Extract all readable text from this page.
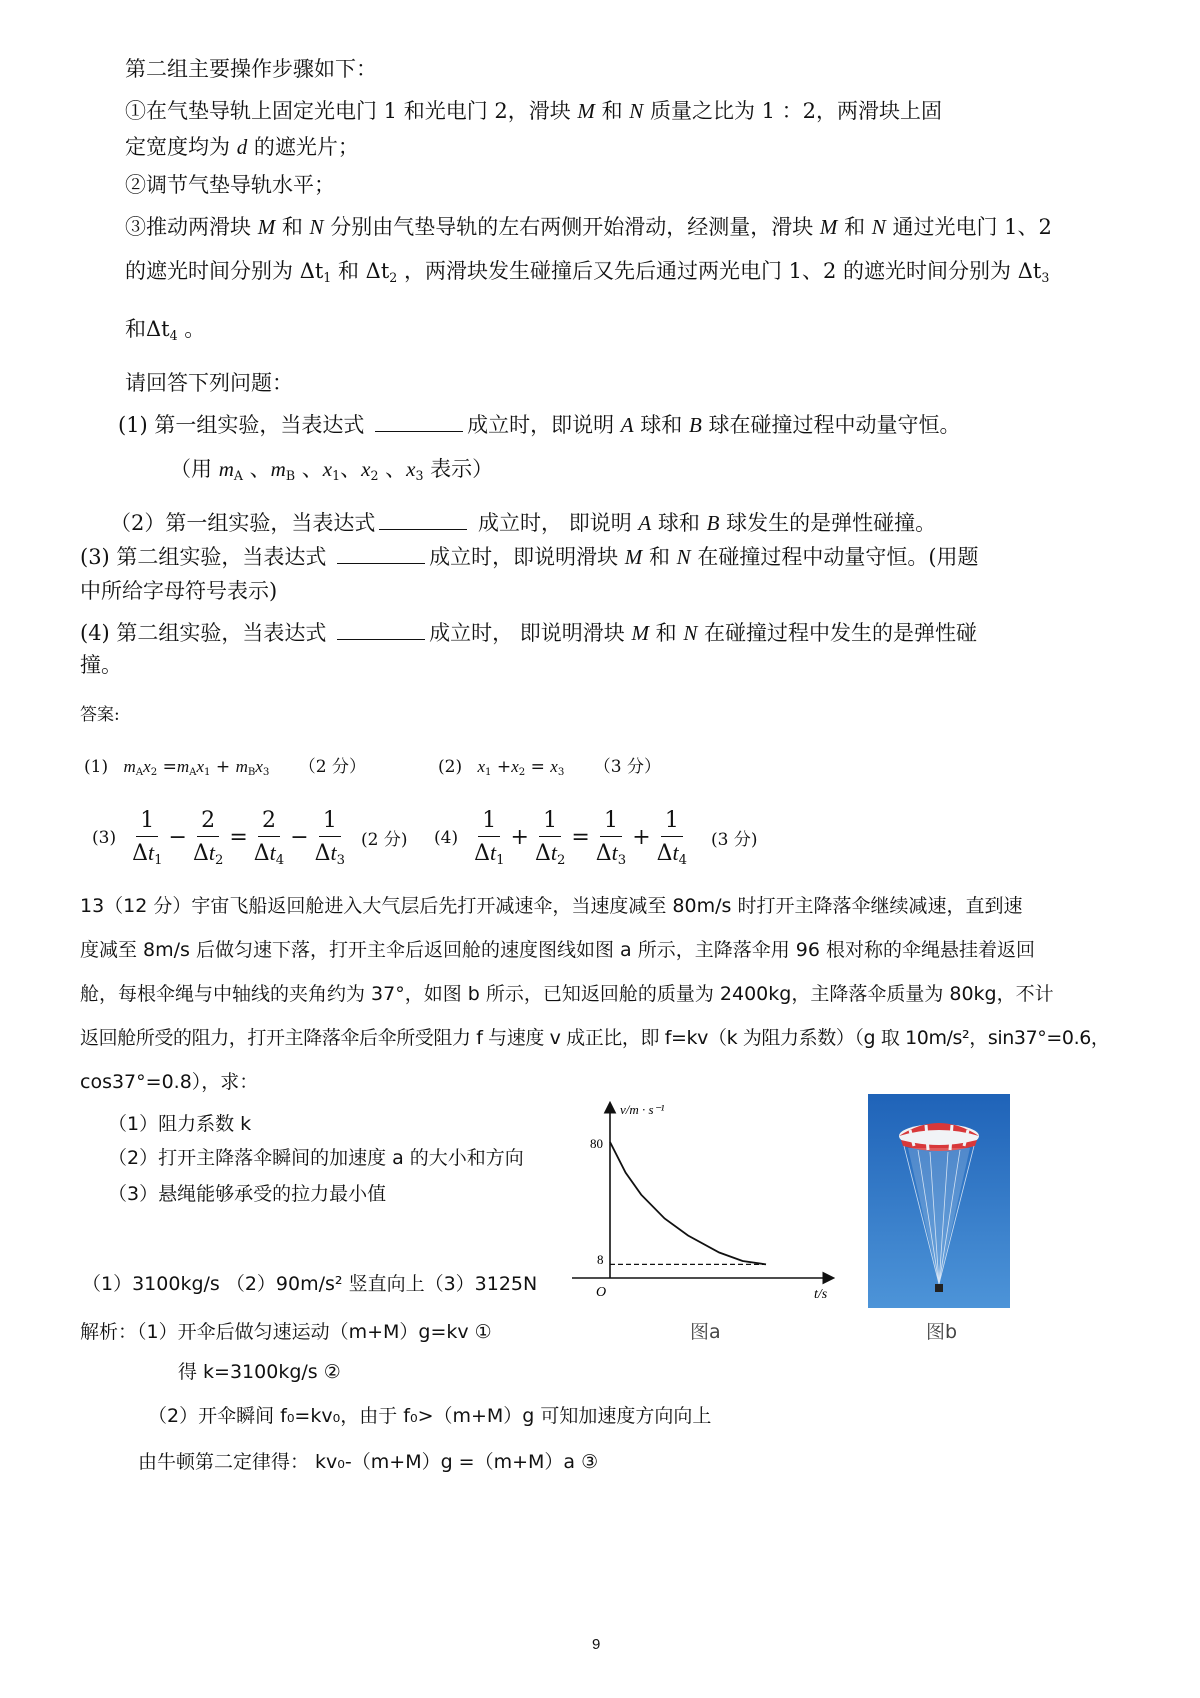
第二组主要操作步骤如下：
①在气垫导轨上固定光电门 1 和光电门 2，滑块 M 和 N 质量之比为 1 ：2，两滑块上固
定宽度均为 d 的遮光片；
②调节气垫导轨水平；
③推动两滑块 M 和 N 分别由气垫导轨的左右两侧开始滑动，经测量，滑块 M 和 N 通过光电门 1、2
的遮光时间分别为 $\Delta t_1$ 和 $\Delta t_2$ ，两滑块发生碰撞后又先后通过两光电门 1、2 的遮光时间分别为 $\Delta t_3$
和$\Delta t_4$ 。
请回答下列问题：
(1) 第一组实验，当表达式	成立时，即说明 A 球和 B 球在碰撞过程中动量守恒。
（用 $m_A$ 、$m_B$ 、$x_1$、$x_2$ 、$x_3$ 表示）
（2）第一组实验，当表达式	成立时， 即说明 A 球和 B 球发生的是弹性碰撞。
(3) 第二组实验，当表达式	成立时，即说明滑块 M 和 N 在碰撞过程中动量守恒。(用题
中所给字母符号表示)
(4) 第二组实验，当表达式	成立时， 即说明滑块 M 和 N 在碰撞过程中发生的是弹性碰
撞。
答案:
(1) $m_Ax_2 =m_Ax_1 + m_Bx_3$ （2 分）	(2) $x_1 +x_2 = x_3$ （3 分）
$(3) \frac{1}{\Delta t_1} - \frac{2}{\Delta t_2} = \frac{2}{\Delta t_4} - \frac{1}{\Delta t_3} (2$ 分) $(4) \frac{1}{\Delta t_1} + \frac{1}{\Delta t_2} = \frac{1}{\Delta t_3} + \frac{1}{\Delta t_4} (3$ 分)
13（12 分）宇宙飞船返回舱进入大气层后先打开减速伞，当速度减至 80m/s 时打开主降落伞继续减速，直到速
度减至 8m/s 后做匀速下落，打开主伞后返回舱的速度图线如图 a 所示，主降落伞用 96 根对称的伞绳悬挂着返回
舱，每根伞绳与中轴线的夹角约为 37°，如图 b 所示，已知返回舱的质量为 2400kg，主降落伞质量为 80kg，不计
返回舱所受的阻力，打开主降落伞后伞所受阻力 f 与速度 v 成正比，即 f=kv（k 为阻力系数）（g 取 10m/s²，sin37°=0.6，
cos37°=0.8），求：
（1）阻力系数 k
（2）打开主降落伞瞬间的加速度 a 的大小和方向
（3）悬绳能够承受的拉力最小值
（1）3100kg/s （2）90m/s² 竖直向上（3）3125N
解析：（1）开伞后做匀速运动（m+M）g=kv ①
得 k=3100kg/s ②
（2）开伞瞬间 f₀=kv₀，由于 f₀>（m+M）g 可知加速度方向向上
由牛顿第二定律得： kv₀-（m+M）g =（m+M）a ③
v/m · s⁻¹
t/s
O
80
8
图a	图b
9
